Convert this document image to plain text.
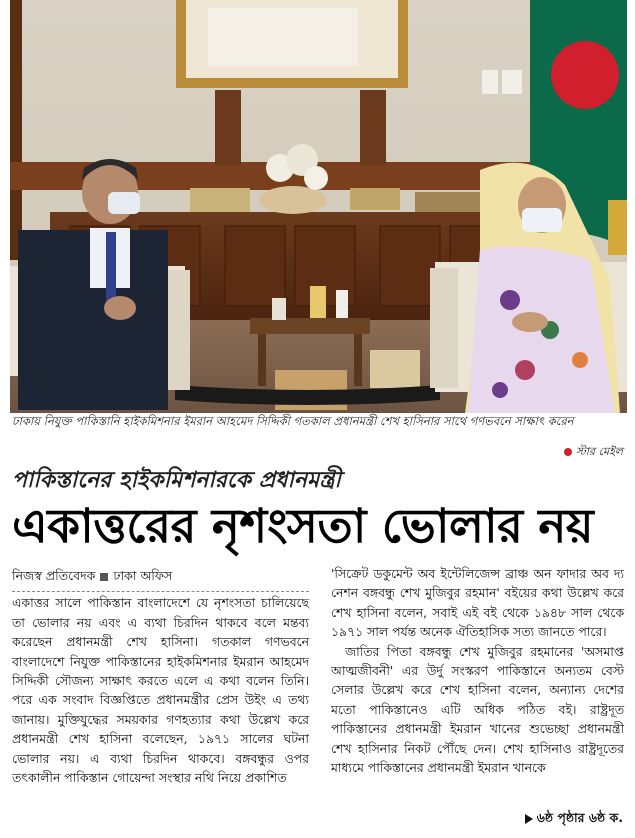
ঢাকায় নিযুক্ত পাকিস্তানি হাইকমিশনার ইমরান আহমেদ সিদ্দিকী গতকাল প্রধানমন্ত্রী শেখ হাসিনার সাথে গণভবনে সাক্ষাৎ করেন
স্টার মেইল
পাকিস্তানের হাইকমিশনারকে প্রধানমন্ত্রী
একাত্তরের নৃশংসতা ভোলার নয়
নিজস্ব প্রতিবেদক ঢাকা অফিস

একাত্তর সালে পাকিস্তান বাংলাদেশে যে নৃশংসতা চালিয়েছে তা ভোলার নয় এবং এ ব্যথা চিরদিন থাকবে বলে মন্তব্য করেছেন প্রধানমন্ত্রী শেখ হাসিনা। গতকাল গণভবনে বাংলাদেশে নিযুক্ত পাকিস্তানের হাইকমিশনার ইমরান আহমেদ সিদ্দিকী সৌজন্য সাক্ষাৎ করতে এলে এ কথা বলেন তিনি। পরে এক সংবাদ বিজ্ঞপ্তিতে প্রধানমন্ত্রীর প্রেস উইং এ তথ্য জানায়। মুক্তিযুদ্ধের সময়কার গণহত্যার কথা উল্লেখ করে প্রধানমন্ত্রী শেখ হাসিনা বলেছেন, ১৯৭১ সালের ঘটনা ভোলার নয়। এ ব্যথা চিরদিন থাকবে। বঙ্গবন্ধুর ওপর তৎকালীন পাকিস্তান গোয়েন্দা সংস্থার নথি নিয়ে প্রকাশিত

'সিক্রেট ডকুমেন্ট অব ইন্টেলিজেন্স ব্রাঞ্চ অন ফাদার অব দ্য নেশন বঙ্গবন্ধু শেখ মুজিবুর রহমান' বইয়ের কথা উল্লেখ করে শেখ হাসিনা বলেন, সবাই এই বই থেকে ১৯৪৮ সাল থেকে ১৯৭১ সাল পর্যন্ত অনেক ঐতিহাসিক সত্য জানতে পারে।

জাতির পিতা বঙ্গবন্ধু শেখ মুজিবুর রহমানের 'অসমাপ্ত আত্মজীবনী' এর উর্দু সংস্করণ পাকিস্তানে অন্যতম বেস্ট সেলার উল্লেখ করে শেখ হাসিনা বলেন, অন্যান্য দেশের মতো পাকিস্তানেও এটি অধিক পঠিত বই। রাষ্ট্রদূত পাকিস্তানের প্রধানমন্ত্রী ইমরান খানের শুভেচ্ছা প্রধানমন্ত্রী শেখ হাসিনার নিকট পৌঁছে দেন। শেখ হাসিনাও রাষ্ট্রদূতের মাধ্যমে পাকিস্তানের প্রধানমন্ত্রী ইমরান খানকে

৬ষ্ঠ পৃষ্ঠার ৬ষ্ঠ ক.
